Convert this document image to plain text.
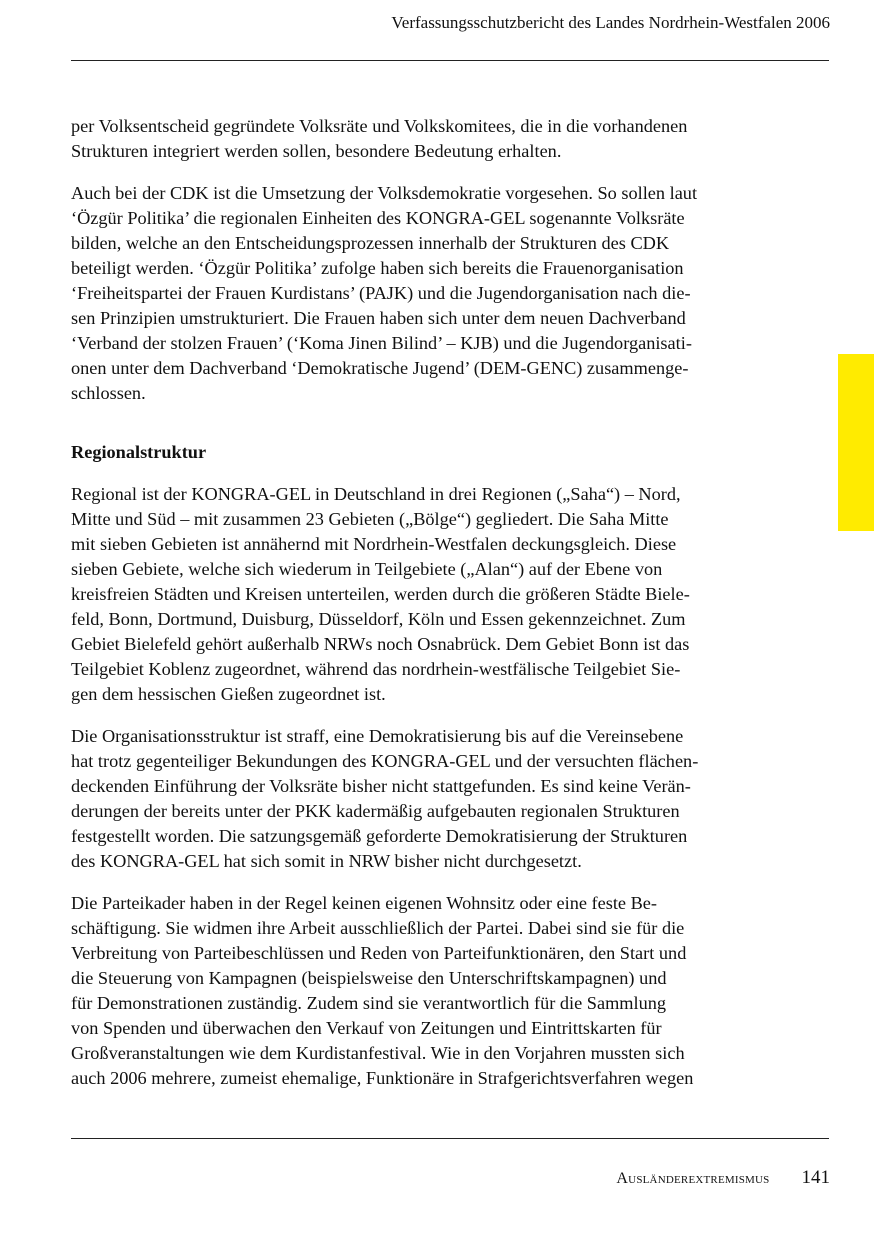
Verfassungsschutzbericht des Landes Nordrhein-Westfalen 2006

per Volksentscheid gegründete Volksräte und Volkskomitees, die in die vorhandenen
Strukturen integriert werden sollen, besondere Bedeutung erhalten.

Auch bei der CDK ist die Umsetzung der Volksdemokratie vorgesehen. So sollen laut
‘Özgür Politika’ die regionalen Einheiten des KONGRA-GEL sogenannte Volksräte
bilden, welche an den Entscheidungsprozessen innerhalb der Strukturen des CDK
beteiligt werden. ‘Özgür Politika’ zufolge haben sich bereits die Frauenorganisation
‘Freiheitspartei der Frauen Kurdistans’ (PAJK) und die Jugendorganisation nach die-
sen Prinzipien umstrukturiert. Die Frauen haben sich unter dem neuen Dachverband
‘Verband der stolzen Frauen’ (‘Koma Jinen Bilind’ – KJB) und die Jugendorganisati-
onen unter dem Dachverband ‘Demokratische Jugend’ (DEM-GENC) zusammenge-
schlossen.

Regionalstruktur

Regional ist der KONGRA-GEL in Deutschland in drei Regionen („Saha“) – Nord,
Mitte und Süd – mit zusammen 23 Gebieten („Bölge“) gegliedert. Die Saha Mitte
mit sieben Gebieten ist annähernd mit Nordrhein-Westfalen deckungsgleich. Diese
sieben Gebiete, welche sich wiederum in Teilgebiete („Alan“) auf der Ebene von
kreisfreien Städten und Kreisen unterteilen, werden durch die größeren Städte Biele-
feld, Bonn, Dortmund, Duisburg, Düsseldorf, Köln und Essen gekennzeichnet. Zum
Gebiet Bielefeld gehört außerhalb NRWs noch Osnabrück. Dem Gebiet Bonn ist das
Teilgebiet Koblenz zugeordnet, während das nordrhein-westfälische Teilgebiet Sie-
gen dem hessischen Gießen zugeordnet ist.

Die Organisationsstruktur ist straff, eine Demokratisierung bis auf die Vereinsebene
hat trotz gegenteiliger Bekundungen des KONGRA-GEL und der versuchten flächen-
deckenden Einführung der Volksräte bisher nicht stattgefunden. Es sind keine Verän-
derungen der bereits unter der PKK kadermäßig aufgebauten regionalen Strukturen
festgestellt worden. Die satzungsgemäß geforderte Demokratisierung der Strukturen
des KONGRA-GEL hat sich somit in NRW bisher nicht durchgesetzt.

Die Parteikader haben in der Regel keinen eigenen Wohnsitz oder eine feste Be-
schäftigung. Sie widmen ihre Arbeit ausschließlich der Partei. Dabei sind sie für die
Verbreitung von Parteibeschlüssen und Reden von Parteifunktionären, den Start und
die Steuerung von Kampagnen (beispielsweise den Unterschriftskampagnen) und
für Demonstrationen zuständig. Zudem sind sie verantwortlich für die Sammlung
von Spenden und überwachen den Verkauf von Zeitungen und Eintrittskarten für
Großveranstaltungen wie dem Kurdistanfestival. Wie in den Vorjahren mussten sich
auch 2006 mehrere, zumeist ehemalige, Funktionäre in Strafgerichtsverfahren wegen

Ausländerextremismus 141
